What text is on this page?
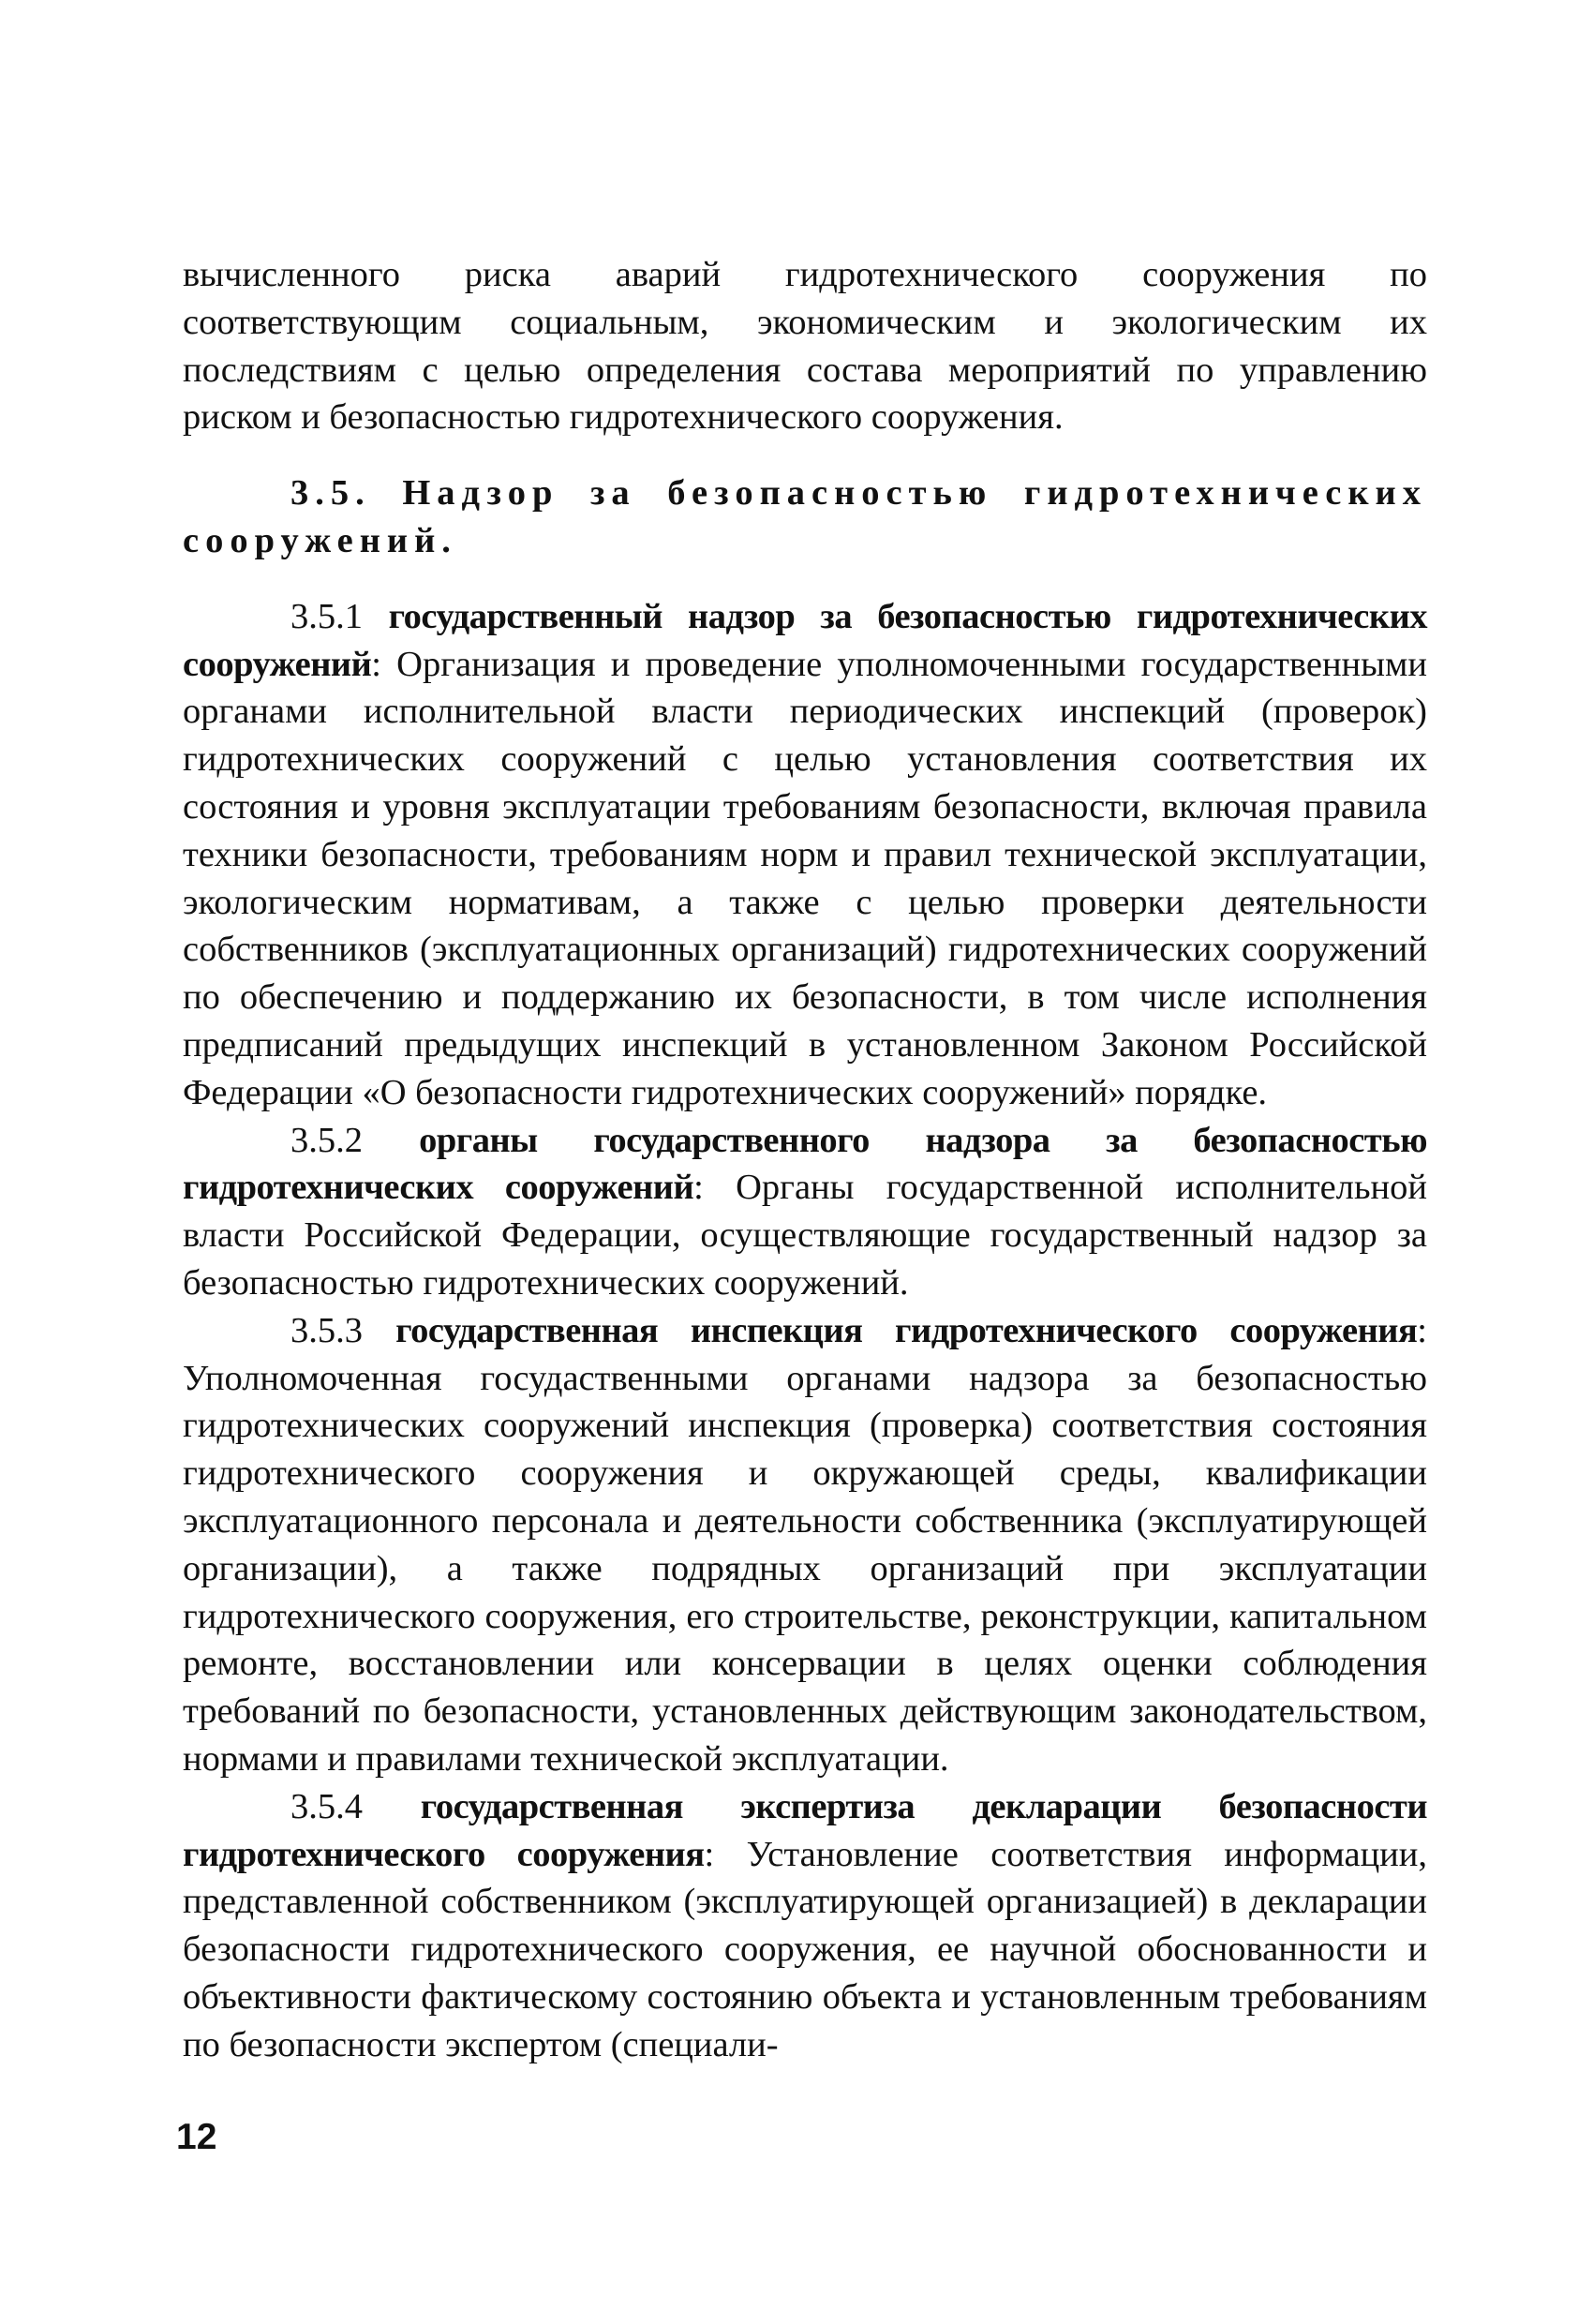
вычисленного риска аварий гидротехнического сооружения по соответствующим социальным, экономическим и экологическим их последствиям с целью определения состава мероприятий по управлению риском и безопасностью гидротехнического сооружения.

3.5. Надзор за безопасностью гидротехнических сооружений.

3.5.1 государственный надзор за безопасностью гидротехнических сооружений: Организация и проведение уполномоченными государственными органами исполнительной власти периодических инспекций (проверок) гидротехнических сооружений с целью установления соответствия их состояния и уровня эксплуатации требованиям безопасности, включая правила техники безопасности, требованиям норм и правил технической эксплуатации, экологическим нормативам, а также с целью проверки деятельности собственников (эксплуатационных организаций) гидротехнических сооружений по обеспечению и поддержанию их безопасности, в том числе исполнения предписаний предыдущих инспекций в установленном Законом Российской Федерации «О безопасности гидротехнических сооружений» порядке.

3.5.2 органы государственного надзора за безопасностью гидротехнических сооружений: Органы государственной исполнительной власти Российской Федерации, осуществляющие государственный надзор за безопасностью гидротехнических сооружений.

3.5.3 государственная инспекция гидротехнического сооружения: Уполномоченная госудаственными органами надзора за безопасностью гидротехнических сооружений инспекция (проверка) соответствия состояния гидротехнического сооружения и окружающей среды, квалификации эксплуатационного персонала и деятельности собственника (эксплуатирующей организации), а также подрядных организаций при эксплуатации гидротехнического сооружения, его строительстве, реконструкции, капитальном ремонте, восстановлении или консервации в целях оценки соблюдения требований по безопасности, установленных действующим законодательством, нормами и правилами технической эксплуатации.

3.5.4 государственная экспертиза декларации безопасности гидротехнического сооружения: Установление соответствия информации, представленной собственником (эксплуатирующей организацией) в декларации безопасности гидротехнического сооружения, ее научной обоснованности и объективности фактическому состоянию объекта и установленным требованиям по безопасности экспертом (специали-

12
